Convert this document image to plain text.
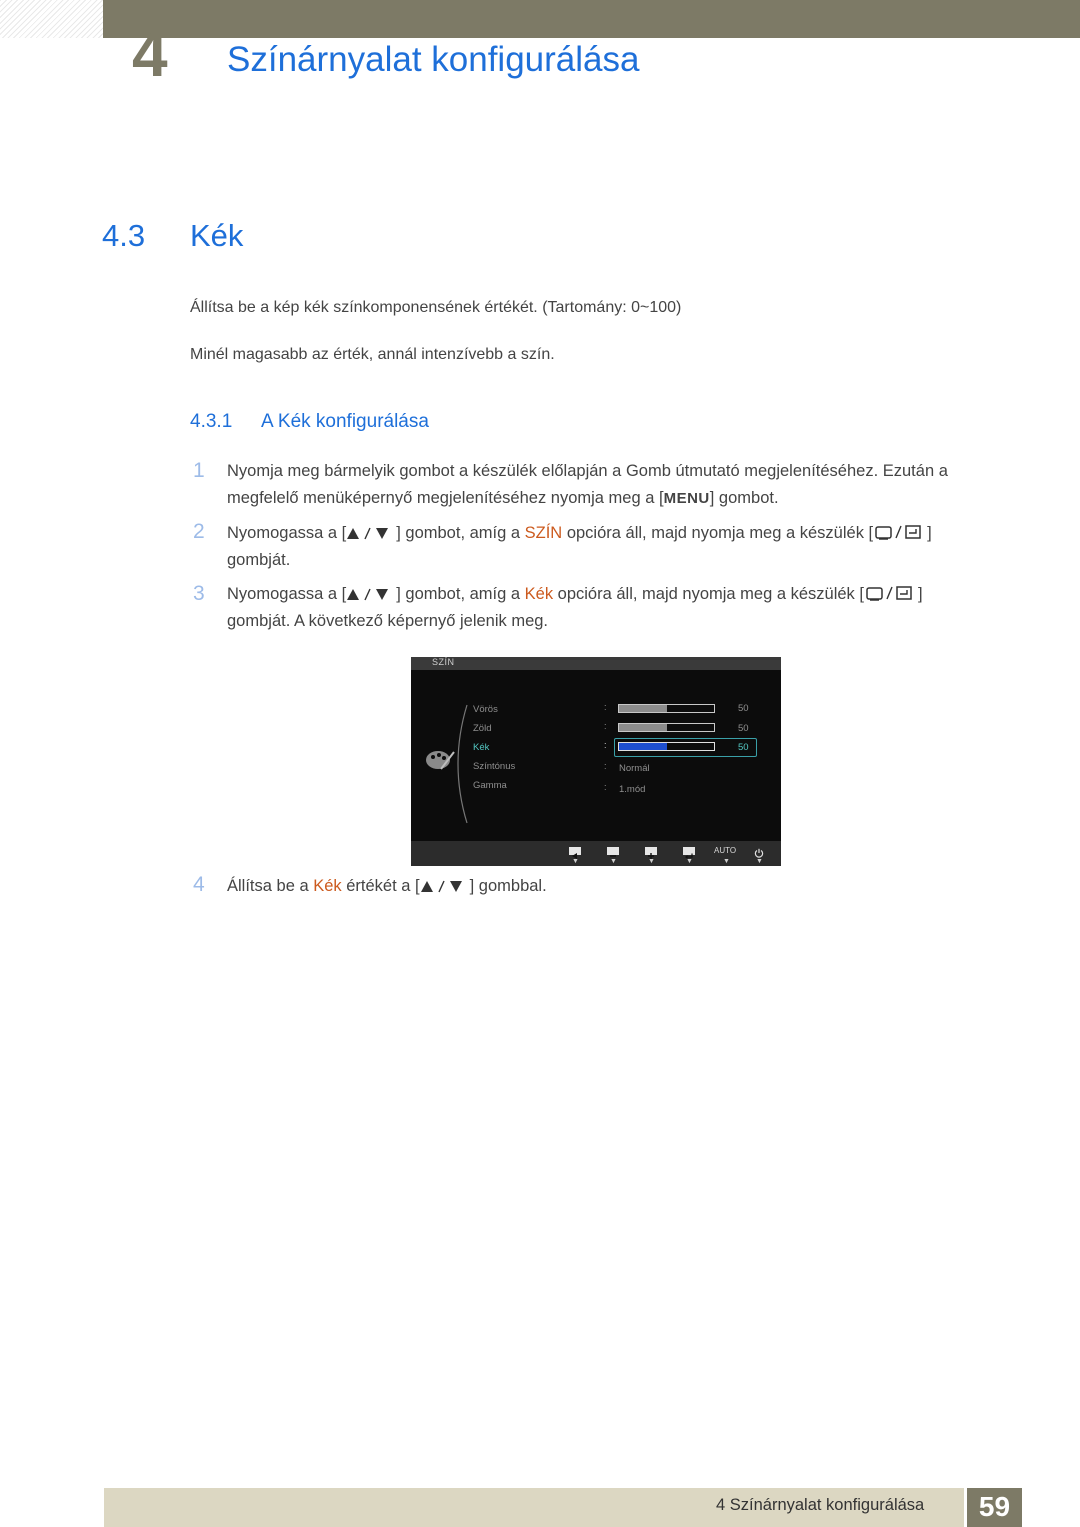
4 Színárnyalat konfigurálása
4.3 Kék
Állítsa be a kép kék színkomponensének értékét. (Tartomány: 0~100)
Minél magasabb az érték, annál intenzívebb a szín.
4.3.1 A Kék konfigurálása
1 Nyomja meg bármelyik gombot a készülék előlapján a Gomb útmutató megjelenítéséhez. Ezután a
megfelelő menüképernyő megjelenítéséhez nyomja meg a [MENU] gombot.
2 Nyomogassa a [	] gombot, amíg a SZÍN opcióra áll, majd nyomja meg a készülék [	]
gombját.
3 Nyomogassa a [	] gombot, amíg a Kék opcióra áll, majd nyomja meg a készülék [	]
gombját. A következő képernyő jelenik meg.
SZÍN
Vörös	:	50
Zöld	:	50
Kék	:	50
Színtónus	: Normál
Gamma	: 1.mód
AUTO
▼	▼	▼	▼	▼	▼
4 Állítsa be a Kék értékét a [	] gombbal.
4 Színárnyalat konfigurálása	59
